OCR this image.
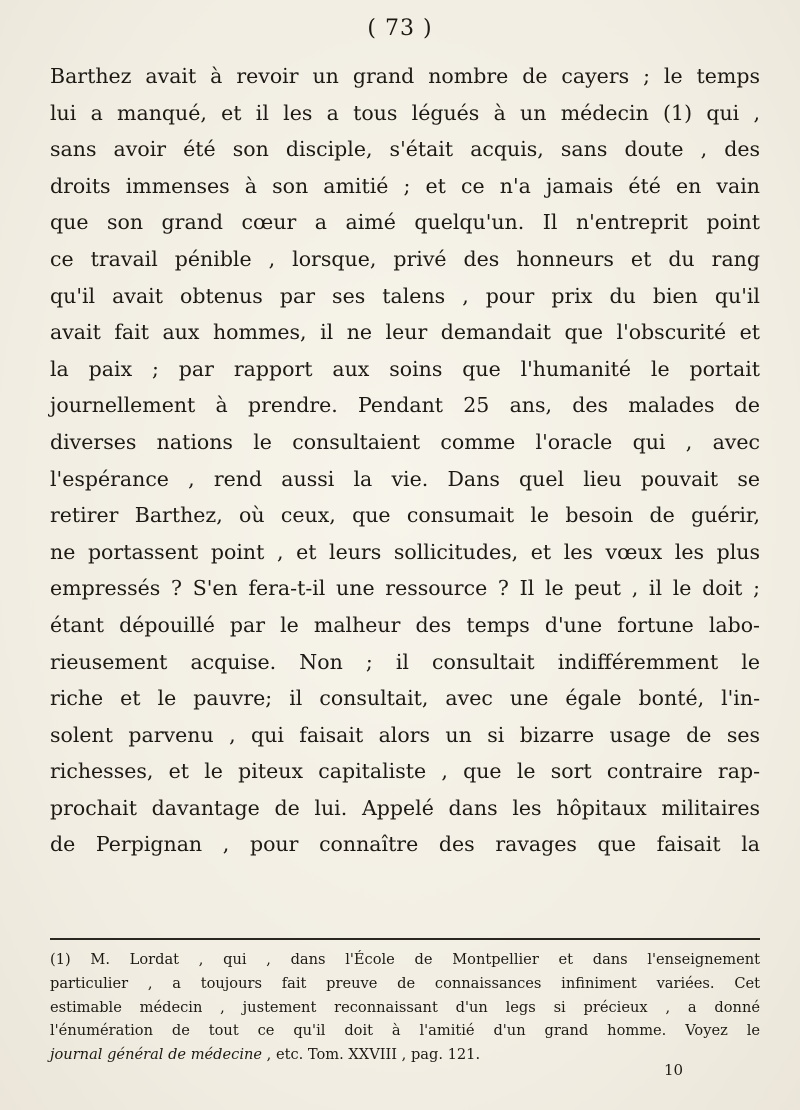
( 73 )
Barthez avait à revoir un grand nombre de cayers ; le temps
lui a manqué, et il les a tous légués à un médecin (1) qui ,
sans avoir été son disciple, s'était acquis, sans doute , des
droits immenses à son amitié ; et ce n'a jamais été en vain
que son grand cœur a aimé quelqu'un. Il n'entreprit point
ce travail pénible , lorsque, privé des honneurs et du rang
qu'il avait obtenus par ses talens , pour prix du bien qu'il
avait fait aux hommes, il ne leur demandait que l'obscurité et
la paix ; par rapport aux soins que l'humanité le portait
journellement à prendre. Pendant 25 ans, des malades de
diverses nations le consultaient comme l'oracle qui , avec
l'espérance , rend aussi la vie. Dans quel lieu pouvait se
retirer Barthez, où ceux, que consumait le besoin de guérir,
ne portassent point , et leurs sollicitudes, et les vœux les plus
empressés ? S'en fera-t-il une ressource ? Il le peut , il le doit ;
étant dépouillé par le malheur des temps d'une fortune labo-
rieusement acquise. Non ; il consultait indifféremment le
riche et le pauvre; il consultait, avec une égale bonté, l'in-
solent parvenu , qui faisait alors un si bizarre usage de ses
richesses, et le piteux capitaliste , que le sort contraire rap-
prochait davantage de lui. Appelé dans les hôpitaux militaires
de Perpignan , pour connaître des ravages que faisait la
(1) M. Lordat , qui , dans l'École de Montpellier et dans l'enseignement
particulier , a toujours fait preuve de connaissances infiniment variées. Cet
estimable médecin , justement reconnaissant d'un legs si précieux , a donné
l'énumération de tout ce qu'il doit à l'amitié d'un grand homme. Voyez le
journal général de médecine , etc. Tom. XXVIII , pag. 121.
10
